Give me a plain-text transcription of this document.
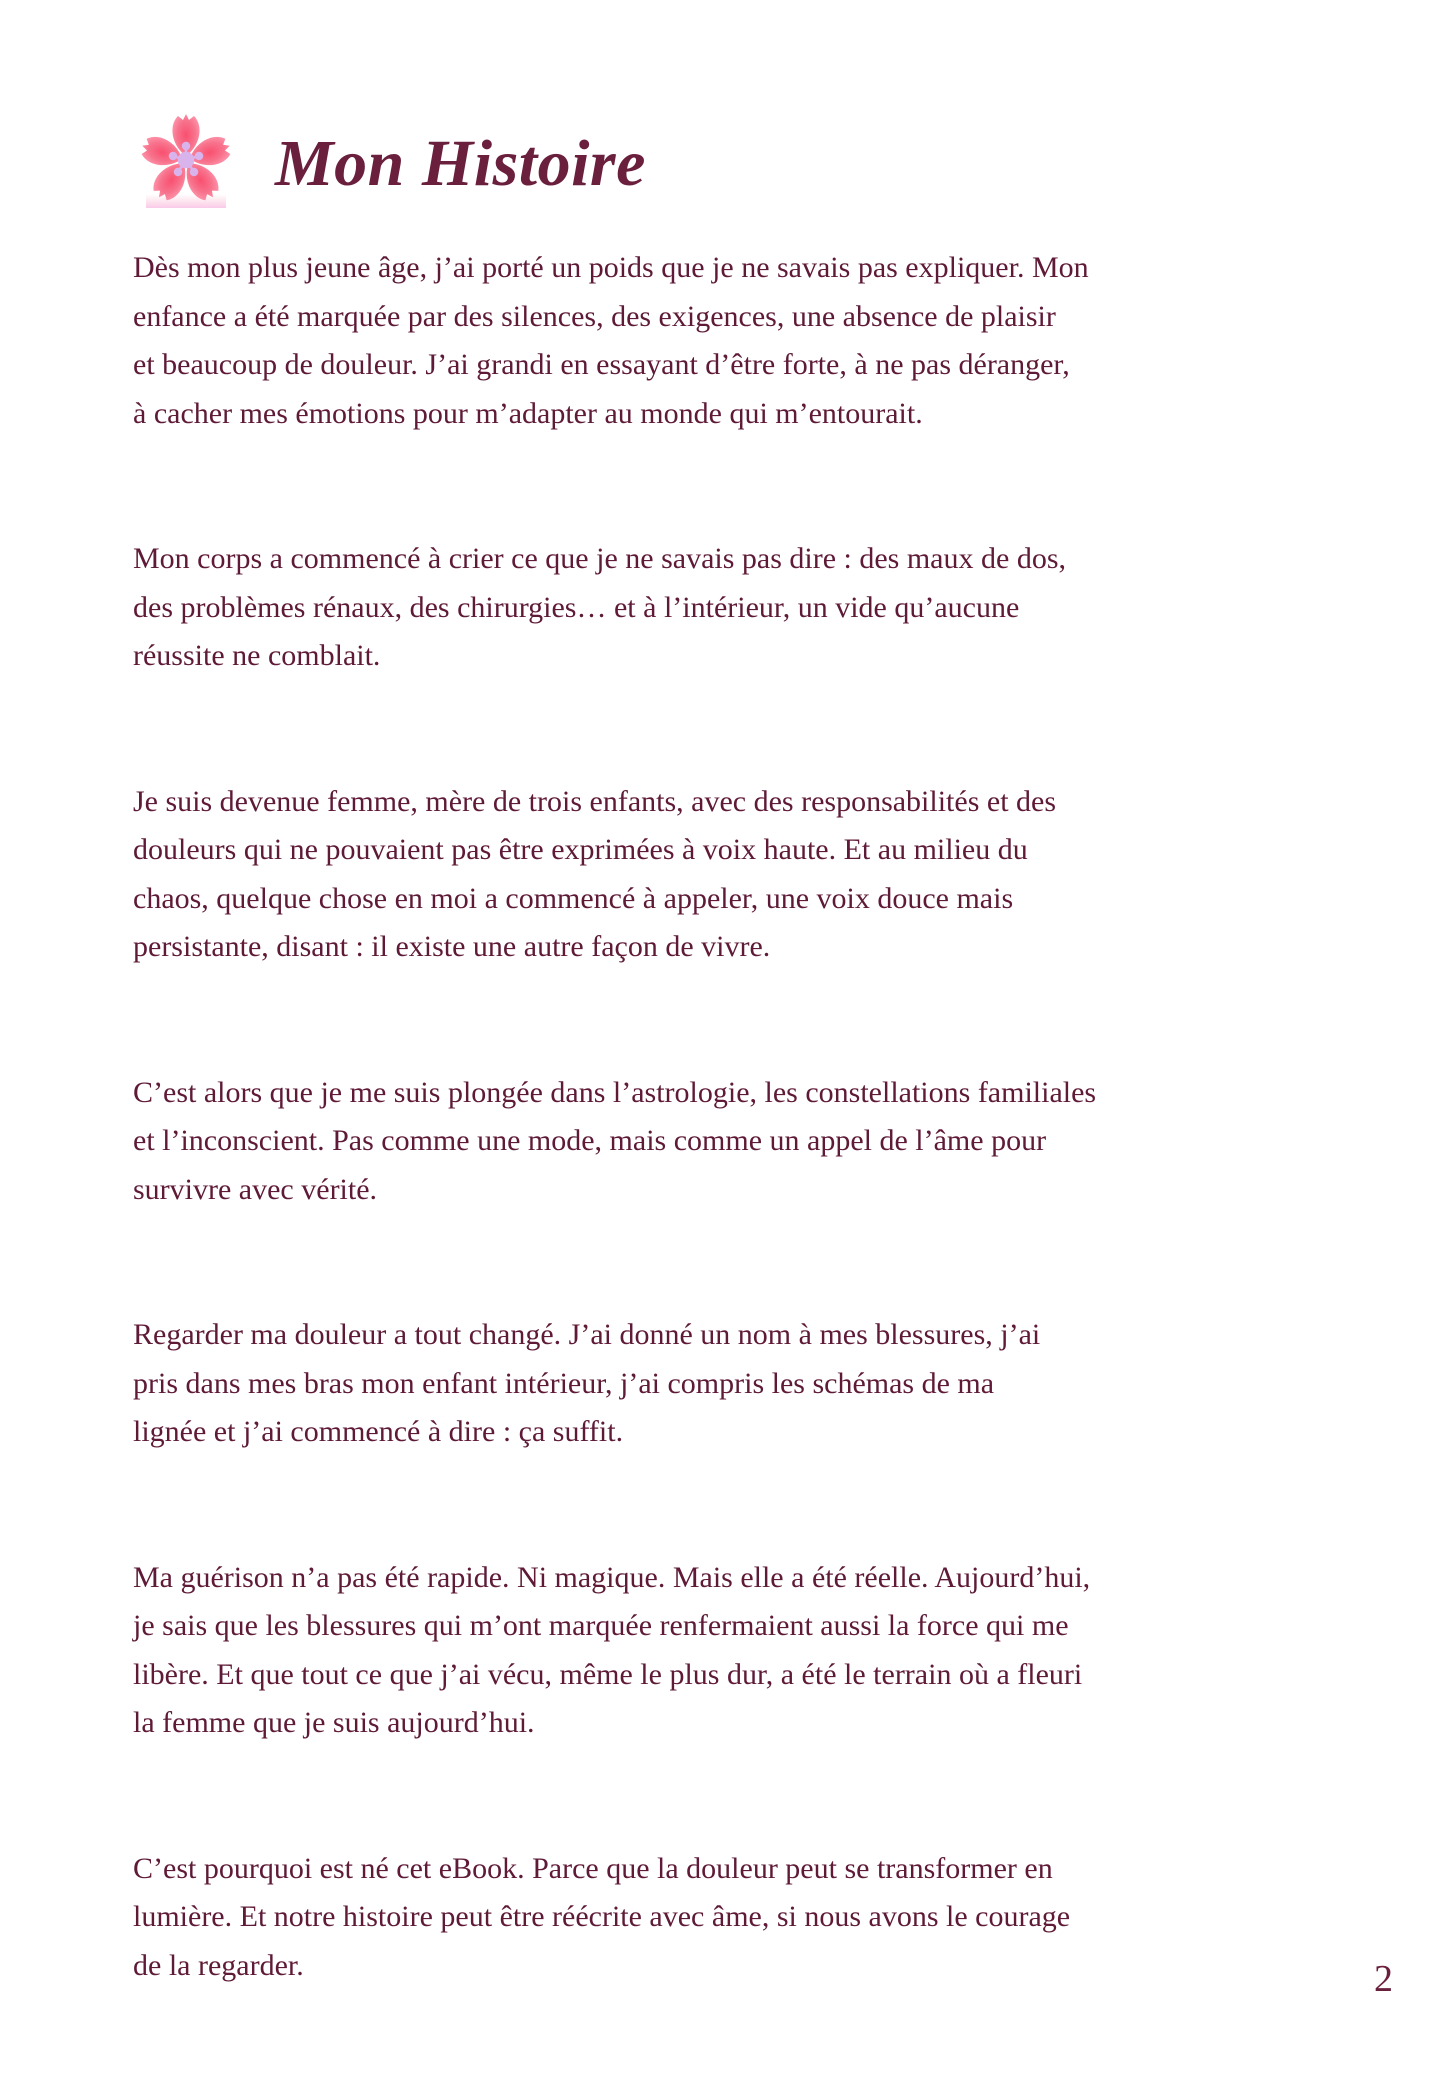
Mon Histoire

Dès mon plus jeune âge, j’ai porté un poids que je ne savais pas expliquer. Mon
enfance a été marquée par des silences, des exigences, une absence de plaisir
et beaucoup de douleur. J’ai grandi en essayant d’être forte, à ne pas déranger,
à cacher mes émotions pour m’adapter au monde qui m’entourait.

Mon corps a commencé à crier ce que je ne savais pas dire : des maux de dos,
des problèmes rénaux, des chirurgies… et à l’intérieur, un vide qu’aucune
réussite ne comblait.

Je suis devenue femme, mère de trois enfants, avec des responsabilités et des
douleurs qui ne pouvaient pas être exprimées à voix haute. Et au milieu du
chaos, quelque chose en moi a commencé à appeler, une voix douce mais
persistante, disant : il existe une autre façon de vivre.

C’est alors que je me suis plongée dans l’astrologie, les constellations familiales
et l’inconscient. Pas comme une mode, mais comme un appel de l’âme pour
survivre avec vérité.

Regarder ma douleur a tout changé. J’ai donné un nom à mes blessures, j’ai
pris dans mes bras mon enfant intérieur, j’ai compris les schémas de ma
lignée et j’ai commencé à dire : ça suffit.

Ma guérison n’a pas été rapide. Ni magique. Mais elle a été réelle. Aujourd’hui,
je sais que les blessures qui m’ont marquée renfermaient aussi la force qui me
libère. Et que tout ce que j’ai vécu, même le plus dur, a été le terrain où a fleuri
la femme que je suis aujourd’hui.

C’est pourquoi est né cet eBook. Parce que la douleur peut se transformer en
lumière. Et notre histoire peut être réécrite avec âme, si nous avons le courage
de la regarder.	2
